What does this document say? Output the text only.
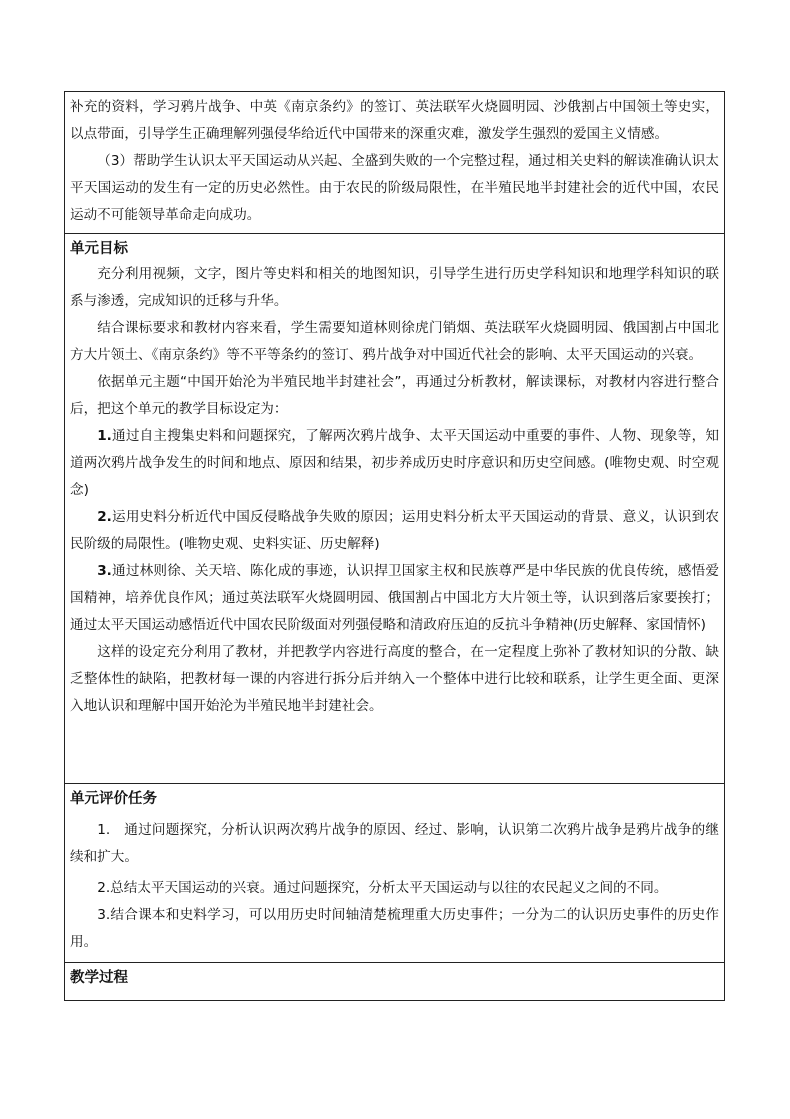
补充的资料，学习鸦片战争、中英《南京条约》的签订、英法联军火烧圆明园、沙俄割占中国领土等史实，以点带面，引导学生正确理解列强侵华给近代中国带来的深重灾难，激发学生强烈的爱国主义情感。

（3）帮助学生认识太平天国运动从兴起、全盛到失败的一个完整过程，通过相关史料的解读准确认识太平天国运动的发生有一定的历史必然性。由于农民的阶级局限性，在半殖民地半封建社会的近代中国，农民运动不可能领导革命走向成功。

单元目标

充分利用视频，文字，图片等史料和相关的地图知识，引导学生进行历史学科知识和地理学科知识的联系与渗透，完成知识的迁移与升华。

结合课标要求和教材内容来看，学生需要知道林则徐虎门销烟、英法联军火烧圆明园、俄国割占中国北方大片领土、《南京条约》等不平等条约的签订、鸦片战争对中国近代社会的影响、太平天国运动的兴衰。

依据单元主题“中国开始沦为半殖民地半封建社会”，再通过分析教材，解读课标，对教材内容进行整合后，把这个单元的教学目标设定为：

1.通过自主搜集史料和问题探究，了解两次鸦片战争、太平天国运动中重要的事件、人物、现象等，知道两次鸦片战争发生的时间和地点、原因和结果，初步养成历史时序意识和历史空间感。(唯物史观、时空观念)

2.运用史料分析近代中国反侵略战争失败的原因；运用史料分析太平天国运动的背景、意义，认识到农民阶级的局限性。(唯物史观、史料实证、历史解释)

3.通过林则徐、关天培、陈化成的事迹，认识捍卫国家主权和民族尊严是中华民族的优良传统，感悟爱国精神，培养优良作风；通过英法联军火烧圆明园、俄国割占中国北方大片领土等，认识到落后家要挨打；通过太平天国运动感悟近代中国农民阶级面对列强侵略和清政府压迫的反抗斗争精神(历史解释、家国情怀)

这样的设定充分利用了教材，并把教学内容进行高度的整合，在一定程度上弥补了教材知识的分散、缺乏整体性的缺陷，把教材每一课的内容进行拆分后并纳入一个整体中进行比较和联系，让学生更全面、更深入地认识和理解中国开始沦为半殖民地半封建社会。

单元评价任务

1.　通过问题探究，分析认识两次鸦片战争的原因、经过、影响，认识第二次鸦片战争是鸦片战争的继续和扩大。

2.总结太平天国运动的兴衰。通过问题探究，分析太平天国运动与以往的农民起义之间的不同。

3.结合课本和史料学习，可以用历史时间轴清楚梳理重大历史事件；一分为二的认识历史事件的历史作用。

教学过程
